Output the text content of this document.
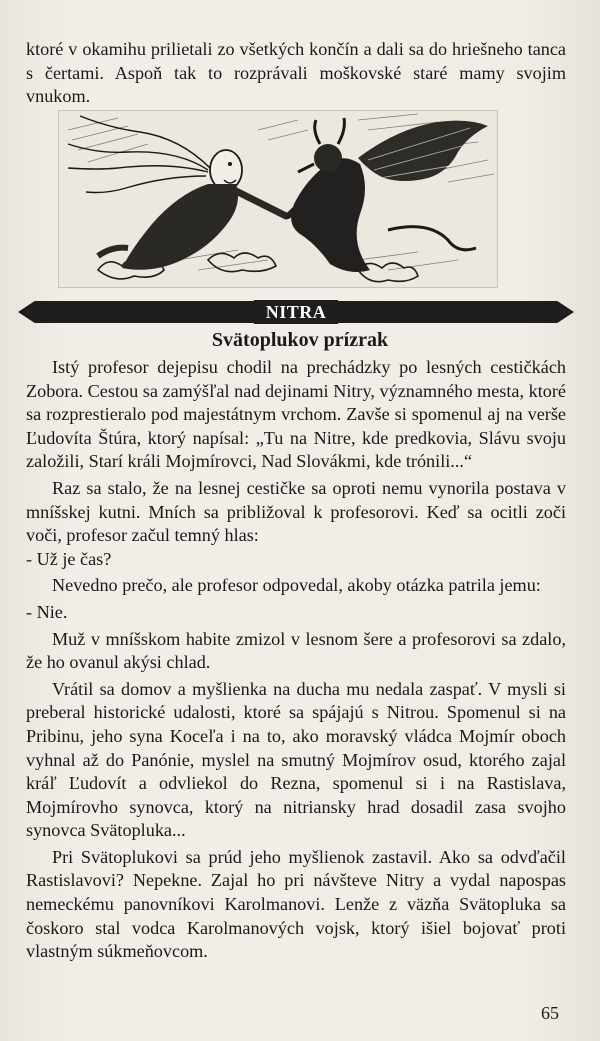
ktoré v okamihu prilietali zo všetkých končín a dali sa do hriešneho tanca s čertami. Aspoň tak to rozprávali moškovské staré mamy svojim vnukom.

NITRA
Svätoplukov prízrak

Istý profesor dejepisu chodil na prechádzky po lesných cestičkách Zobora. Cestou sa zamýšľal nad dejinami Nitry, významného mesta, ktoré sa rozprestieralo pod majestátnym vrchom. Zavše si spomenul aj na verše Ľudovíta Štúra, ktorý napísal: „Tu na Nitre, kde predkovia, Slávu svoju založili, Starí králi Mojmírovci, Nad Slovákmi, kde trónili...“

Raz sa stalo, že na lesnej cestičke sa oproti nemu vynorila postava v mníšskej kutni. Mních sa približoval k profesorovi. Keď sa ocitli zoči voči, profesor začul temný hlas:

- Už je čas?

Nevedno prečo, ale profesor odpovedal, akoby otázka patrila jemu:

- Nie.

Muž v mníšskom habite zmizol v lesnom šere a profesorovi sa zdalo, že ho ovanul akýsi chlad.

Vrátil sa domov a myšlienka na ducha mu nedala zaspať. V mysli si preberal historické udalosti, ktoré sa spájajú s Nitrou. Spomenul si na Pribinu, jeho syna Koceľa i na to, ako moravský vládca Mojmír oboch vyhnal až do Panónie, myslel na smutný Mojmírov osud, ktorého zajal kráľ Ľudovít a odvliekol do Rezna, spomenul si i na Rastislava, Mojmírovho synovca, ktorý na nitriansky hrad dosadil zasa svojho synovca Svätopluka...

Pri Svätoplukovi sa prúd jeho myšlienok zastavil. Ako sa odvďačil Rastislavovi? Nepekne. Zajal ho pri návšteve Nitry a vydal napospas nemeckému panovníkovi Karolmanovi. Lenže z väzňa Svätopluka sa čoskoro stal vodca Karolmanových vojsk, ktorý išiel bojovať proti vlastným súkmeňovcom.

65
